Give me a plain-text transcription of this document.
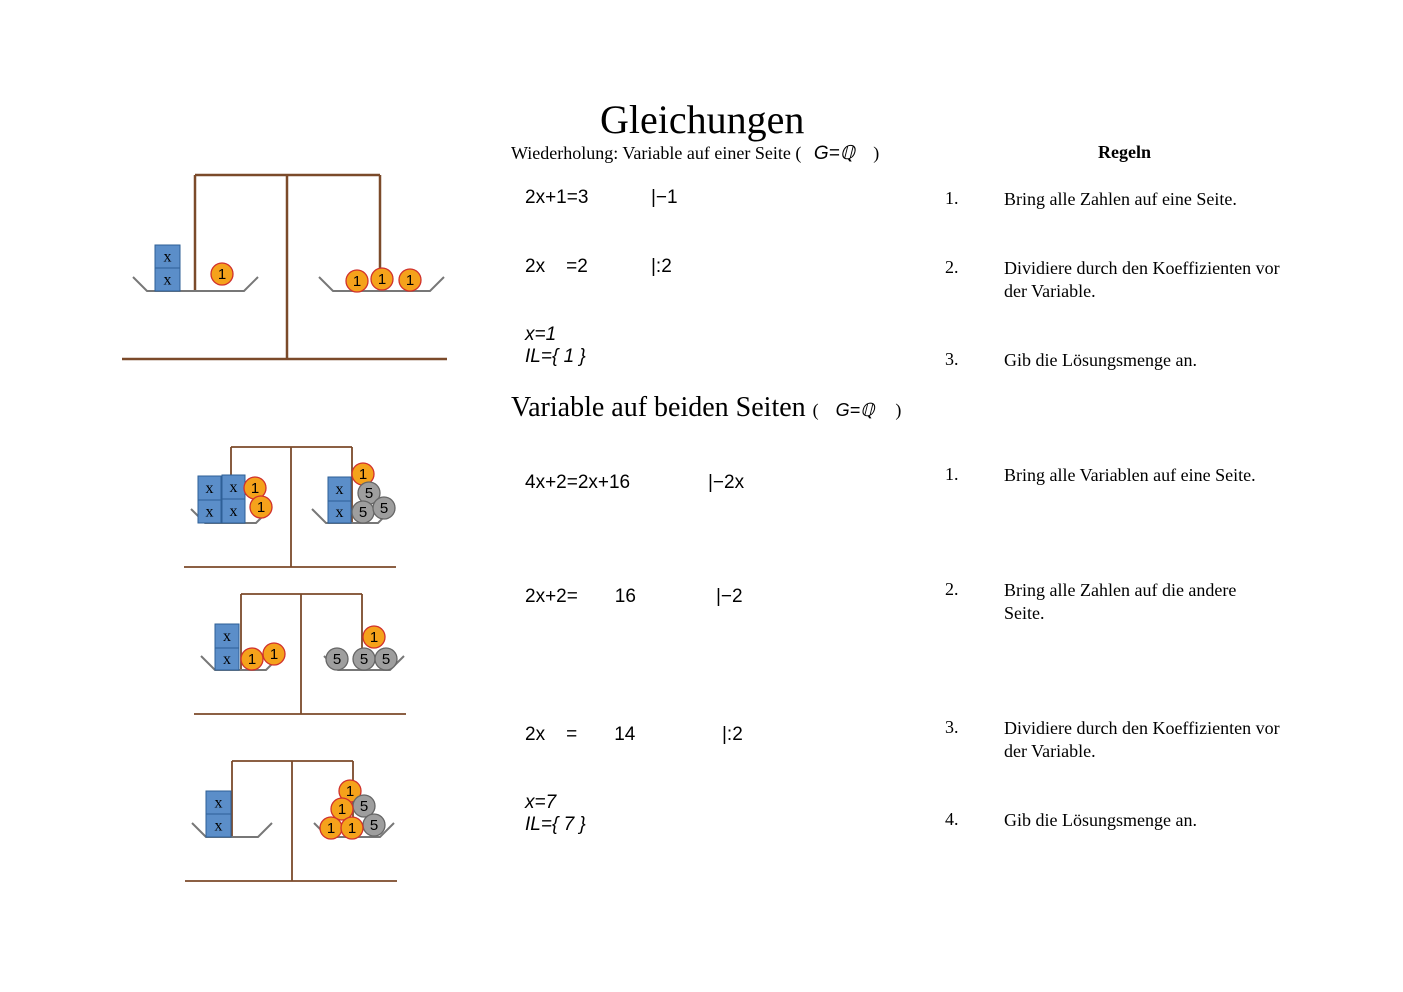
Gleichungen
Wiederholung: Variable auf einer Seite ( G=ℚ )
2x+1=3	|−1
2x    =2	|:2
x=1
IL={ 1 }
Variable auf beiden Seiten ( G=ℚ )
4x+2=2x+16	|−2x
2x+2=       16	|−2
2x    =       14	|:2
x=7
IL={ 7 }
Regeln
1.	Bring alle Zahlen auf eine Seite.
2.	Dividiere durch den Koeffizienten vor der Variable.
3.	Gib die Lösungsmenge an.
1.	Bring alle Variablen auf eine Seite.
2.	Bring alle Zahlen auf die andere Seite.
3.	Dividiere durch den Koeffizienten vor der Variable.
4.	Gib die Lösungsmenge an.
x
x	1	1 1 1
x
x
x
x
1
1
x
x
1
5
5 5
x
x 1 1
1
5 5 5
x
x
1
5
1
5
1 1
